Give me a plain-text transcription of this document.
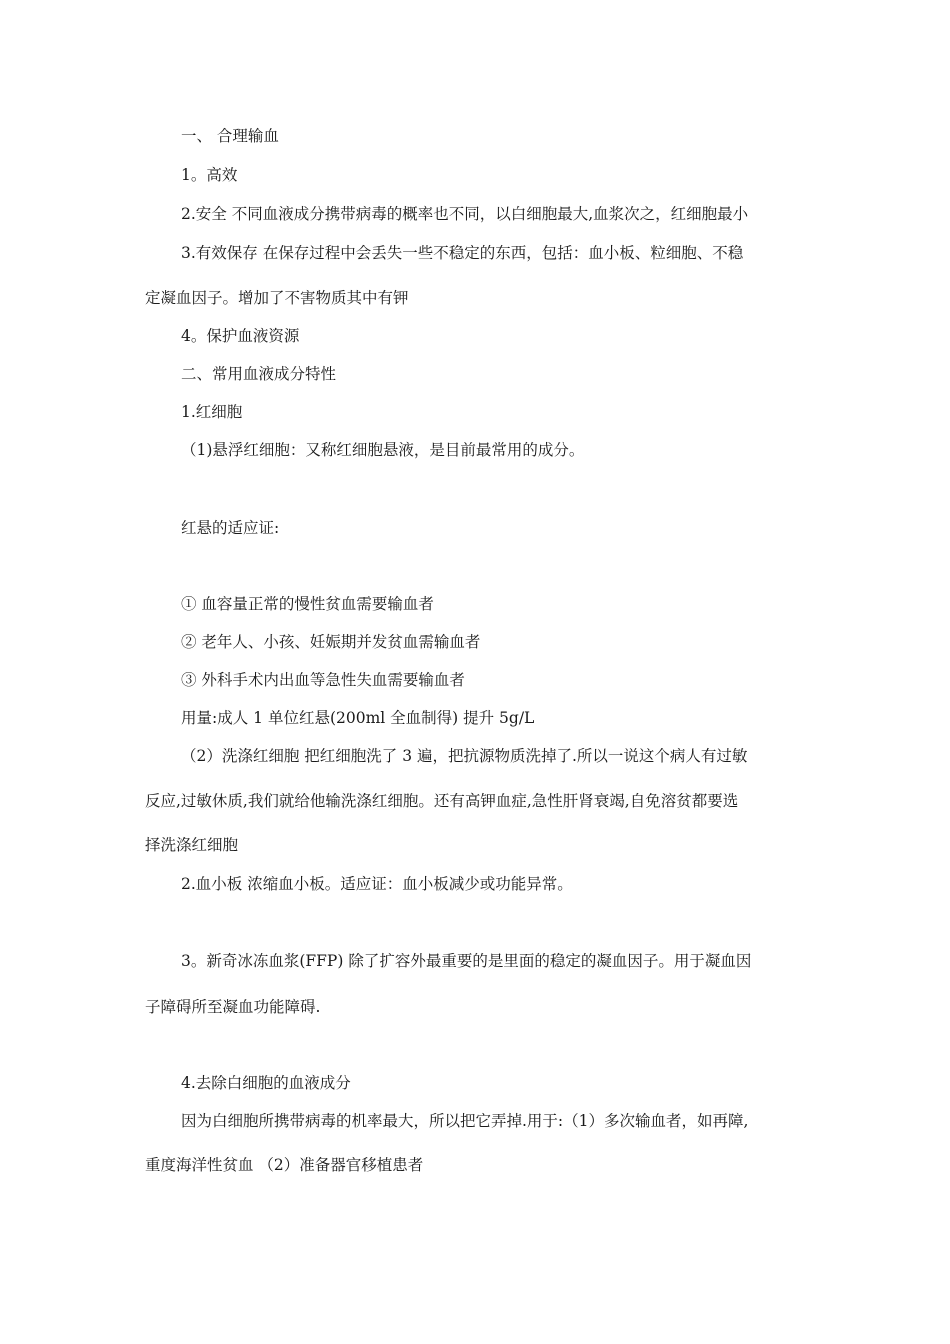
一、 合理输血
1。高效
2.安全 不同血液成分携带病毒的概率也不同，以白细胞最大,血浆次之，红细胞最小
3.有效保存 在保存过程中会丢失一些不稳定的东西，包括：血小板、粒细胞、不稳
定凝血因子。增加了不害物质其中有钾
4。保护血液资源
二、常用血液成分特性
1.红细胞
（1)悬浮红细胞：又称红细胞悬液，是目前最常用的成分。
红悬的适应证:
① 血容量正常的慢性贫血需要输血者
② 老年人、小孩、妊娠期并发贫血需输血者
③ 外科手术内出血等急性失血需要输血者
用量:成人 1 单位红悬(200ml 全血制得) 提升 5g/L
（2）洗涤红细胞 把红细胞洗了 3 遍，把抗源物质洗掉了.所以一说这个病人有过敏
反应,过敏休质,我们就给他输洗涤红细胞。还有高钾血症,急性肝肾衰竭,自免溶贫都要选
择洗涤红细胞
2.血小板 浓缩血小板。适应证：血小板减少或功能异常。
3。新奇冰冻血浆(FFP) 除了扩容外最重要的是里面的稳定的凝血因子。用于凝血因
子障碍所至凝血功能障碍.
4.去除白细胞的血液成分
因为白细胞所携带病毒的机率最大，所以把它弄掉.用于:（1）多次输血者，如再障,
重度海洋性贫血 （2）准备器官移植患者
